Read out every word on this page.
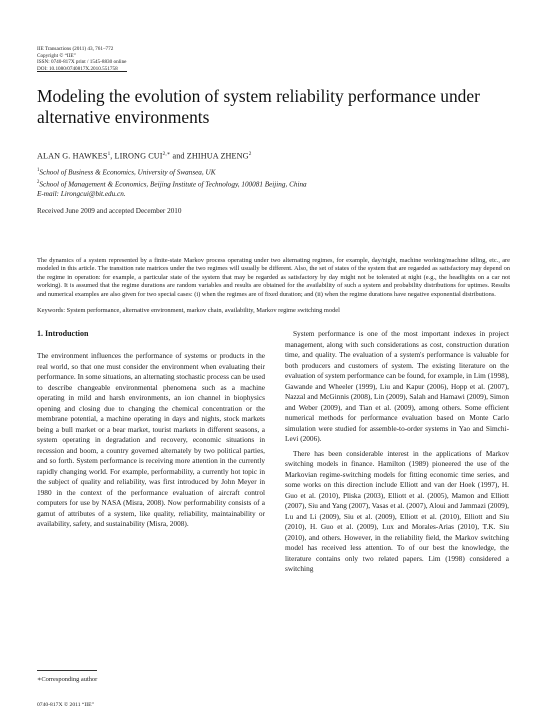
IIE Transactions (2011) 43, 761–772
Copyright © “IIE”
ISSN: 0740-817X print / 1545-8830 online
DOI: 10.1080/0740817X.2010.551758
Modeling the evolution of system reliability performance under alternative environments
ALAN G. HAWKES$^1$, LIRONG $CUI^{2,∗}$ and ZHIHUA ZHENG$^2$
$^1$School of Business & Economics, University of Swansea, UK
$^2$School of Management & Economics, Beijing Institute of Technology, 100081 Beijing, China
E-mail: Lirongcui@bit.edu.cn.
Received June 2009 and accepted December 2010
The dynamics of a system represented by a finite-state Markov process operating under two alternating regimes, for example, day/night, machine working/machine idling, etc., are modeled in this article. The transition rate matrices under the two regimes will usually be different. Also, the set of states of the system that are regarded as satisfactory may depend on the regime in operation: for example, a particular state of the system that may be regarded as satisfactory by day might not be tolerated at night (e.g., the headlights on a car not working). It is assumed that the regime durations are random variables and results are obtained for the availability of such a system and probability distributions for uptimes. Results and numerical examples are also given for two special cases: (i) when the regimes are of fixed duration; and (ii) when the regime durations have negative exponential distributions.
Keywords: System performance, alternative environment, markov chain, availability, Markov regime switching model
1. Introduction

The environment influences the performance of systems or products in the real world, so that one must consider the environment when evaluating their performance. In some situations, an alternating stochastic process can be used to describe changeable environmental phenomena such as a machine operating in mild and harsh environments, an ion channel in biophysics opening and closing due to changing the chemical concentration or the membrane potential, a machine operating in days and nights, stock markets being a bull market or a bear market, tourist markets in different seasons, a system operating in degradation and recovery, economic situations in recession and boom, a country governed alternately by two political parties, and so forth. System performance is receiving more attention in the currently rapidly changing world. For example, performability, a currently hot topic in the subject of quality and reliability, was first introduced by John Meyer in 1980 in the context of the performance evaluation of aircraft control computers for use by NASA (Misra, 2008). Now performability consists of a gamut of attributes of a system, like quality, reliability, maintainability or availability, safety, and sustainability (Misra, 2008).

System performance is one of the most important indexes in project management, along with such considerations as cost, construction duration time, and quality. The evaluation of a system's performance is valuable for both producers and customers of system. The existing literature on the evaluation of system performance can be found, for example, in Lim (1998), Gawande and Wheeler (1999), Liu and Kapur (2006), Hopp et al. (2007), Nazzal and McGinnis (2008), Lin (2009), Salah and Hamawi (2009), Simon and Weber (2009), and Tian et al. (2009), among others. Some efficient numerical methods for performance evaluation based on Monte Carlo simulation were studied for assemble-to-order systems in Yao and Simchi-Levi (2006).

There has been considerable interest in the applications of Markov switching models in finance. Hamilton (1989) pioneered the use of the Markovian regime-switching models for fitting economic time series, and some works on this direction include Elliott and van der Hoek (1997), H. Guo et al. (2010), Pliska (2003), Elliott et al. (2005), Mamon and Elliott (2007), Siu and Yang (2007), Vasas et al. (2007), Aloui and Jammazi (2009), Lu and Li (2009), Siu et al. (2009), Elliott et al. (2010), Elliott and Siu (2010), H. Guo et al. (2009), Lux and Morales-Arias (2010), T.K. Siu (2010), and others. However, in the reliability field, the Markov switching model has received less attention. To of our best the knowledge, the literature contains only two related papers. Lim (1998) considered a switching

∗Corresponding author
0740-817X © 2011 “IIE”
